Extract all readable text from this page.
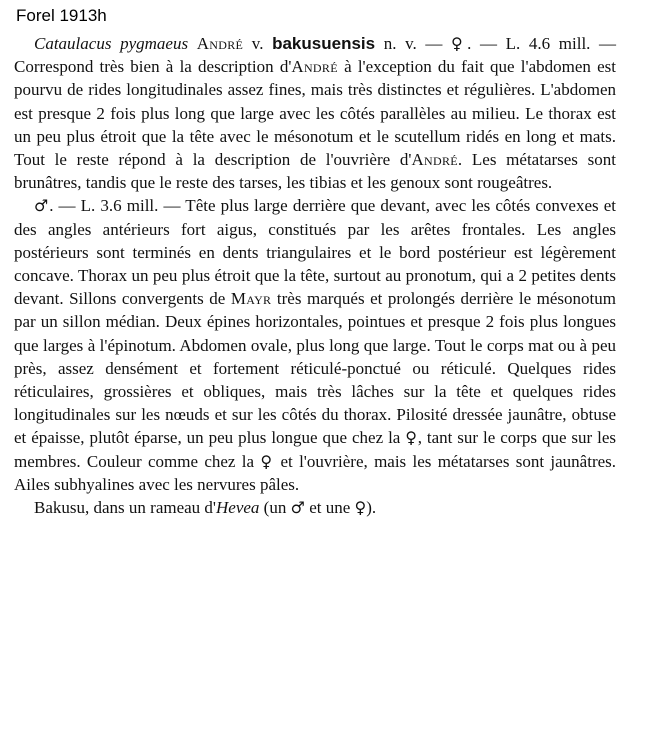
Forel 1913h

Cataulacus pygmaeus André v. bakusuensis n. v. — ♀. — L. 4.6 mill. — Correspond très bien à la description d'André à l'exception du fait que l'abdomen est pourvu de rides longitudinales assez fines, mais très distinctes et régulières. L'abdomen est presque 2 fois plus long que large avec les côtés parallèles au milieu. Le thorax est un peu plus étroit que la tête avec le mésonotum et le scutellum ridés en long et mats. Tout le reste répond à la description de l'ouvrière d'André. Les métatarses sont brunâtres, tandis que le reste des tarses, les tibias et les genoux sont rougeâtres.

♂. — L. 3.6 mill. — Tête plus large derrière que devant, avec les côtés convexes et des angles antérieurs fort aigus, constitués par les arêtes frontales. Les angles postérieurs sont terminés en dents triangulaires et le bord postérieur est légèrement concave. Thorax un peu plus étroit que la tête, surtout au pronotum, qui a 2 petites dents devant. Sillons convergents de Mayr très marqués et prolongés derrière le mésonotum par un sillon médian. Deux épines horizontales, pointues et presque 2 fois plus longues que larges à l'épinotum. Abdomen ovale, plus long que large. Tout le corps mat ou à peu près, assez densément et fortement réticulé-ponctué ou réticulé. Quelques rides réticulaires, grossières et obliques, mais très lâches sur la tête et quelques rides longitudinales sur les nœuds et sur les côtés du thorax. Pilosité dressée jaunâtre, obtuse et épaisse, plutôt éparse, un peu plus longue que chez la ♀, tant sur le corps que sur les membres. Couleur comme chez la ♀ et l'ouvrière, mais les métatarses sont jaunâtres. Ailes subhyalines avec les nervures pâles.

Bakusu, dans un rameau d'Hevea (un ♂ et une ♀).
